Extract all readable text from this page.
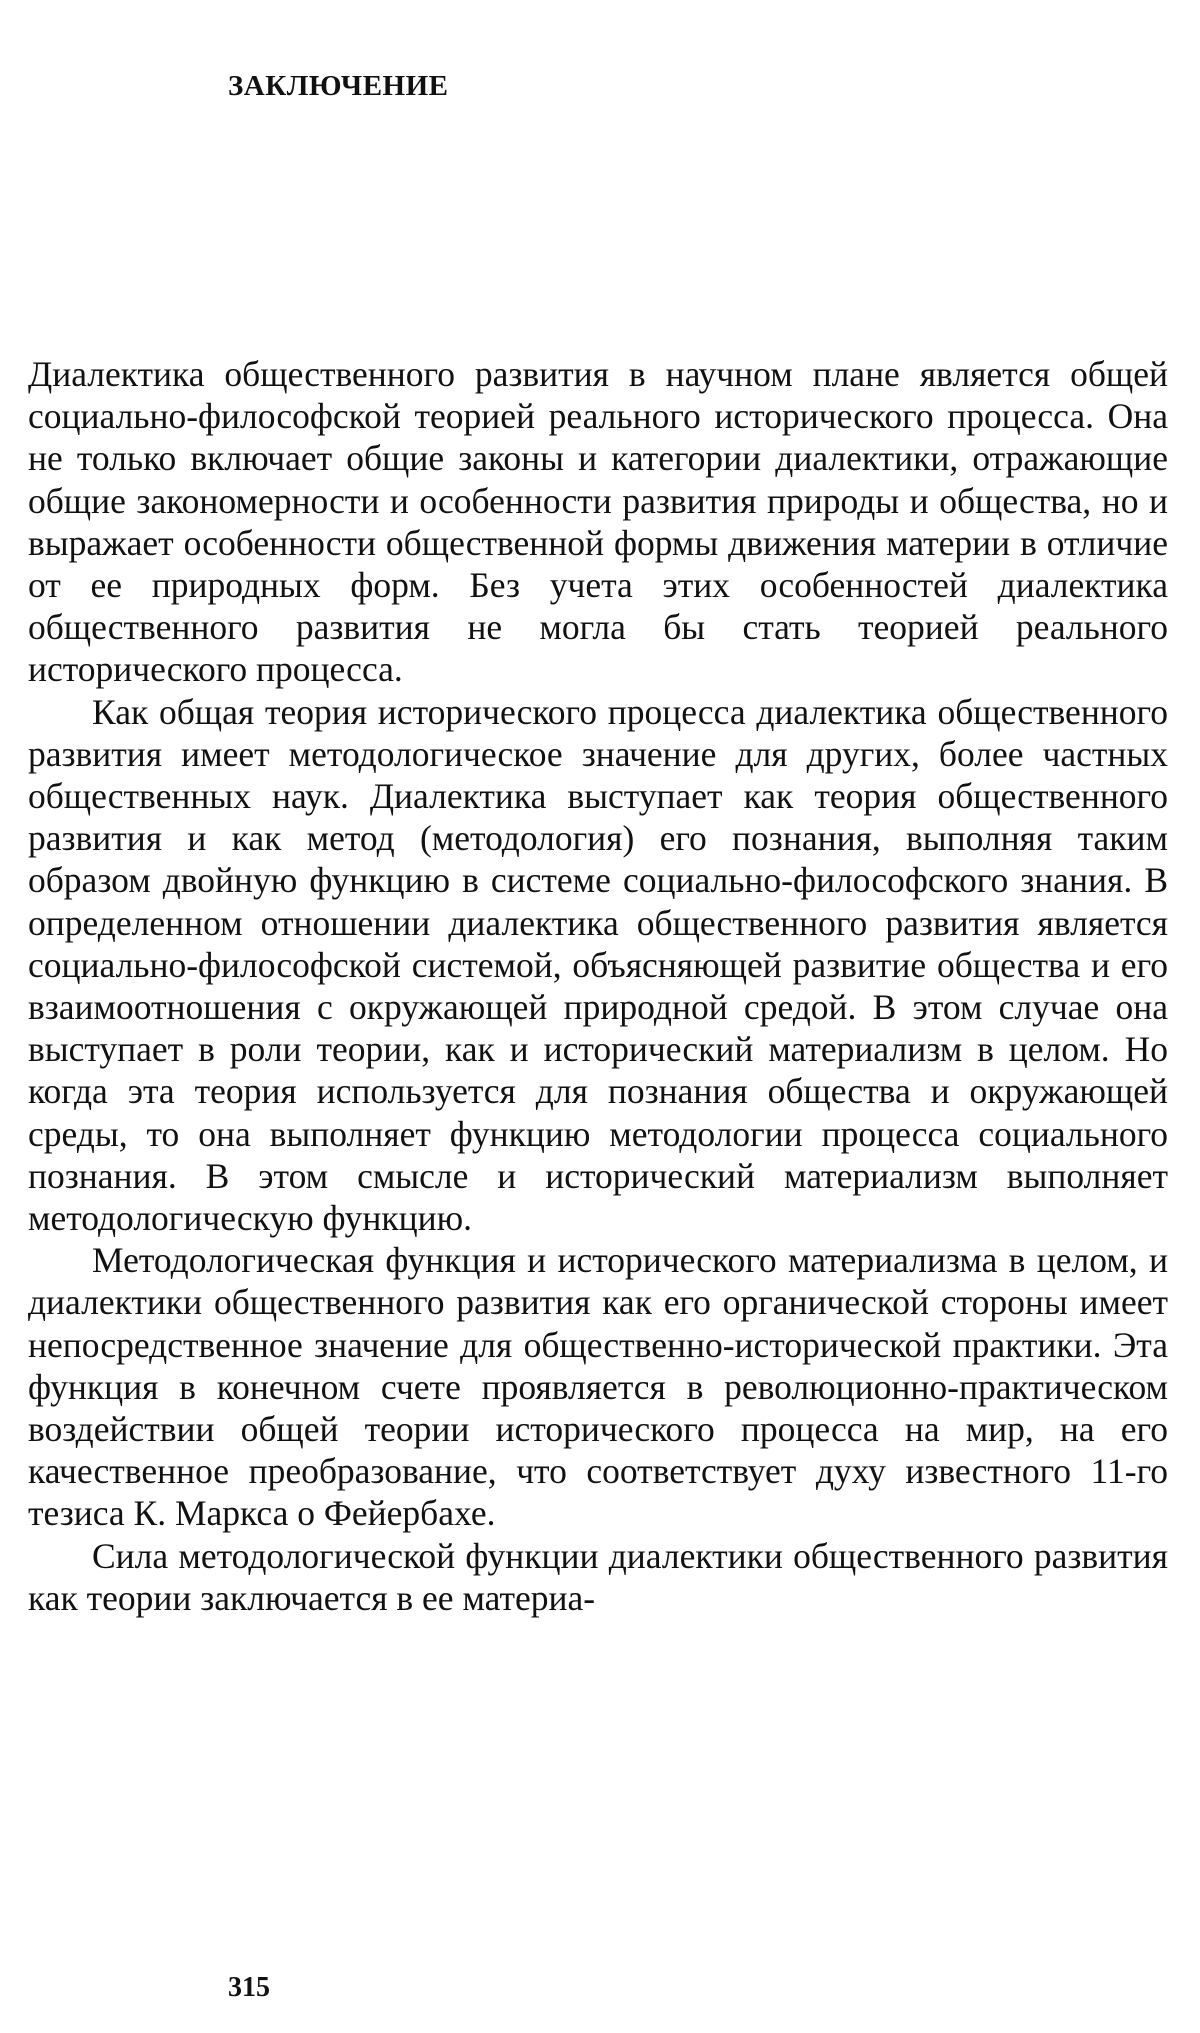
ЗАКЛЮЧЕНИЕ

Диалектика общественного развития в научном плане является общей социально-философской теорией реального исторического процесса. Она не только включает общие законы и категории диалектики, отражающие общие закономерности и особенности развития природы и общества, но и выражает особенности общественной формы движения материи в отличие от ее природных форм. Без учета этих особенностей диалектика общественного развития не могла бы стать теорией реального исторического процесса.

Как общая теория исторического процесса диалектика общественного развития имеет методологическое значение для других, более частных общественных наук. Диалектика выступает как теория общественного развития и как метод (методология) его познания, выполняя таким образом двойную функцию в системе социально-философского знания. В определенном отношении диалектика общественного развития является социально-философской системой, объясняющей развитие общества и его взаимоотношения с окружающей природной средой. В этом случае она выступает в роли теории, как и исторический материализм в целом. Но когда эта теория используется для познания общества и окружающей среды, то она выполняет функцию методологии процесса социального познания. В этом смысле и исторический материализм выполняет методологическую функцию.

Методологическая функция и исторического материализма в целом, и диалектики общественного развития как его органической стороны имеет непосредственное значение для общественно-исторической практики. Эта функция в конечном счете проявляется в революционно-практическом воздействии общей теории исторического процесса на мир, на его качественное преобразование, что соответствует духу известного 11-го тезиса К. Маркса о Фейербахе.

Сила методологической функции диалектики общественного развития как теории заключается в ее материа-

315
